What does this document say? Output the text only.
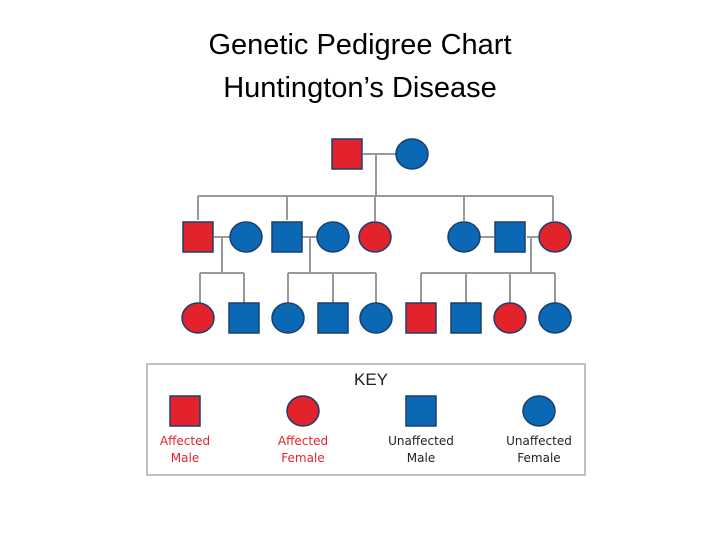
Genetic Pedigree Chart
Huntington’s Disease
KEY
Affected
Male
Affected
Female
Unaffected
Male
Unaffected
Female
